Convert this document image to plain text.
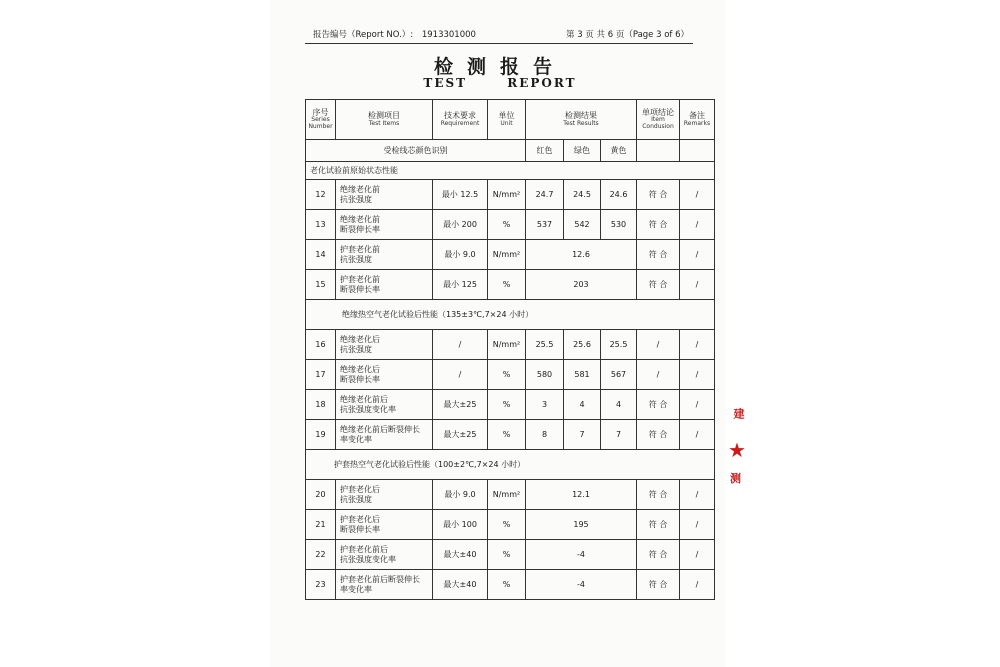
报告编号（Report NO.）: 1913301000	第 3 页 共 6 页（Page 3 of 6）
检测报告
TEST REPORT
序号
Series
Number	检测项目
Test Items	技术要求
Requirement	单位
Unit	检测结果
Test Results			单项结论
Item
Condusion	备注
Remarks

受检线芯颜色识别				红色	绿色	黄色		
老化试验前原始状态性能								
12	绝缘老化前
抗张强度	最小 12.5	N/mm²	24.7	24.5	24.6	符 合	/
13	绝缘老化前
断裂伸长率	最小 200	%	537	542	530	符 合	/
14	护套老化前
抗张强度	最小 9.0	N/mm²	12.6			符 合	/
15	护套老化前
断裂伸长率	最小 125	%	203			符 合	/
绝缘热空气老化试验后性能（135±3℃,7×24 小时）								
16	绝缘老化后
抗张强度	/	N/mm²	25.5	25.6	25.5	/	/
17	绝缘老化后
断裂伸长率	/	%	580	581	567	/	/
18	绝缘老化前后
抗张强度变化率	最大±25	%	3	4	4	符 合	/
19	绝缘老化前后断裂伸长
率变化率	最大±25	%	8	7	7	符 合	/
护套热空气老化试验后性能（100±2℃,7×24 小时）								
20	护套老化后
抗张强度	最小 9.0	N/mm²	12.1			符 合	/
21	护套老化后
断裂伸长率	最小 100	%	195			符 合	/
22	护套老化前后
抗张强度变化率	最大±40	%	-4			符 合	/
23	护套老化前后断裂伸长
率变化率	最大±40	%	-4			符 合	/
建
★
测
